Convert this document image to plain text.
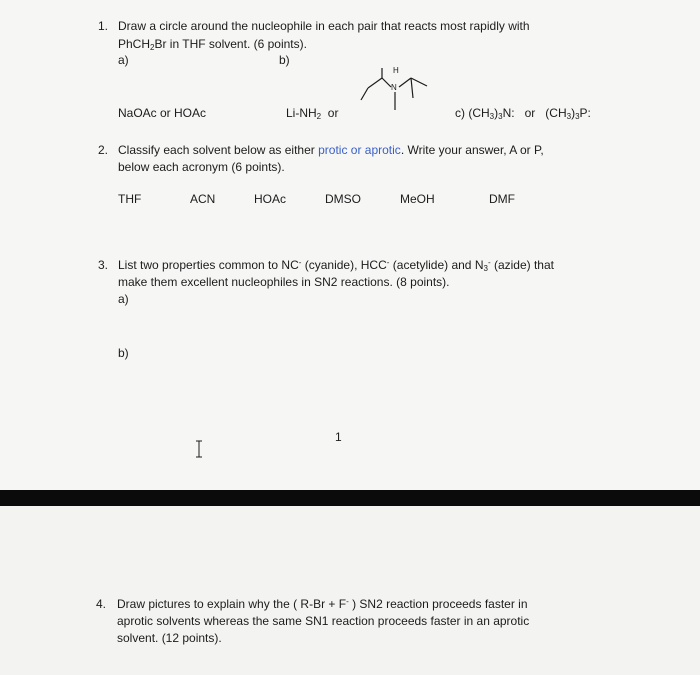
1. Draw a circle around the nucleophile in each pair that reacts most rapidly with
PhCH$_2$Br in THF solvent. (6 points).
a)	b)
H
N
NaOAc or HOAc	$Li-NH_2$ or	c) $(CH_3)_3N$: or $(CH_3)_3P$:
2. Classify each solvent below as either protic or aprotic. Write your answer, A or P,
below each acronym (6 points).
THF	ACN	HOAc	DMSO	MeOH	DMF
3. List two properties common to NC- (cyanide), HCC- (acetylide) and $N_3^-$ (azide) that
make them excellent nucleophiles in SN2 reactions. (8 points).
a)
b)
1
4. Draw pictures to explain why the ( R-Br + F- ) SN2 reaction proceeds faster in
aprotic solvents whereas the same SN1 reaction proceeds faster in an aprotic
solvent. (12 points).
